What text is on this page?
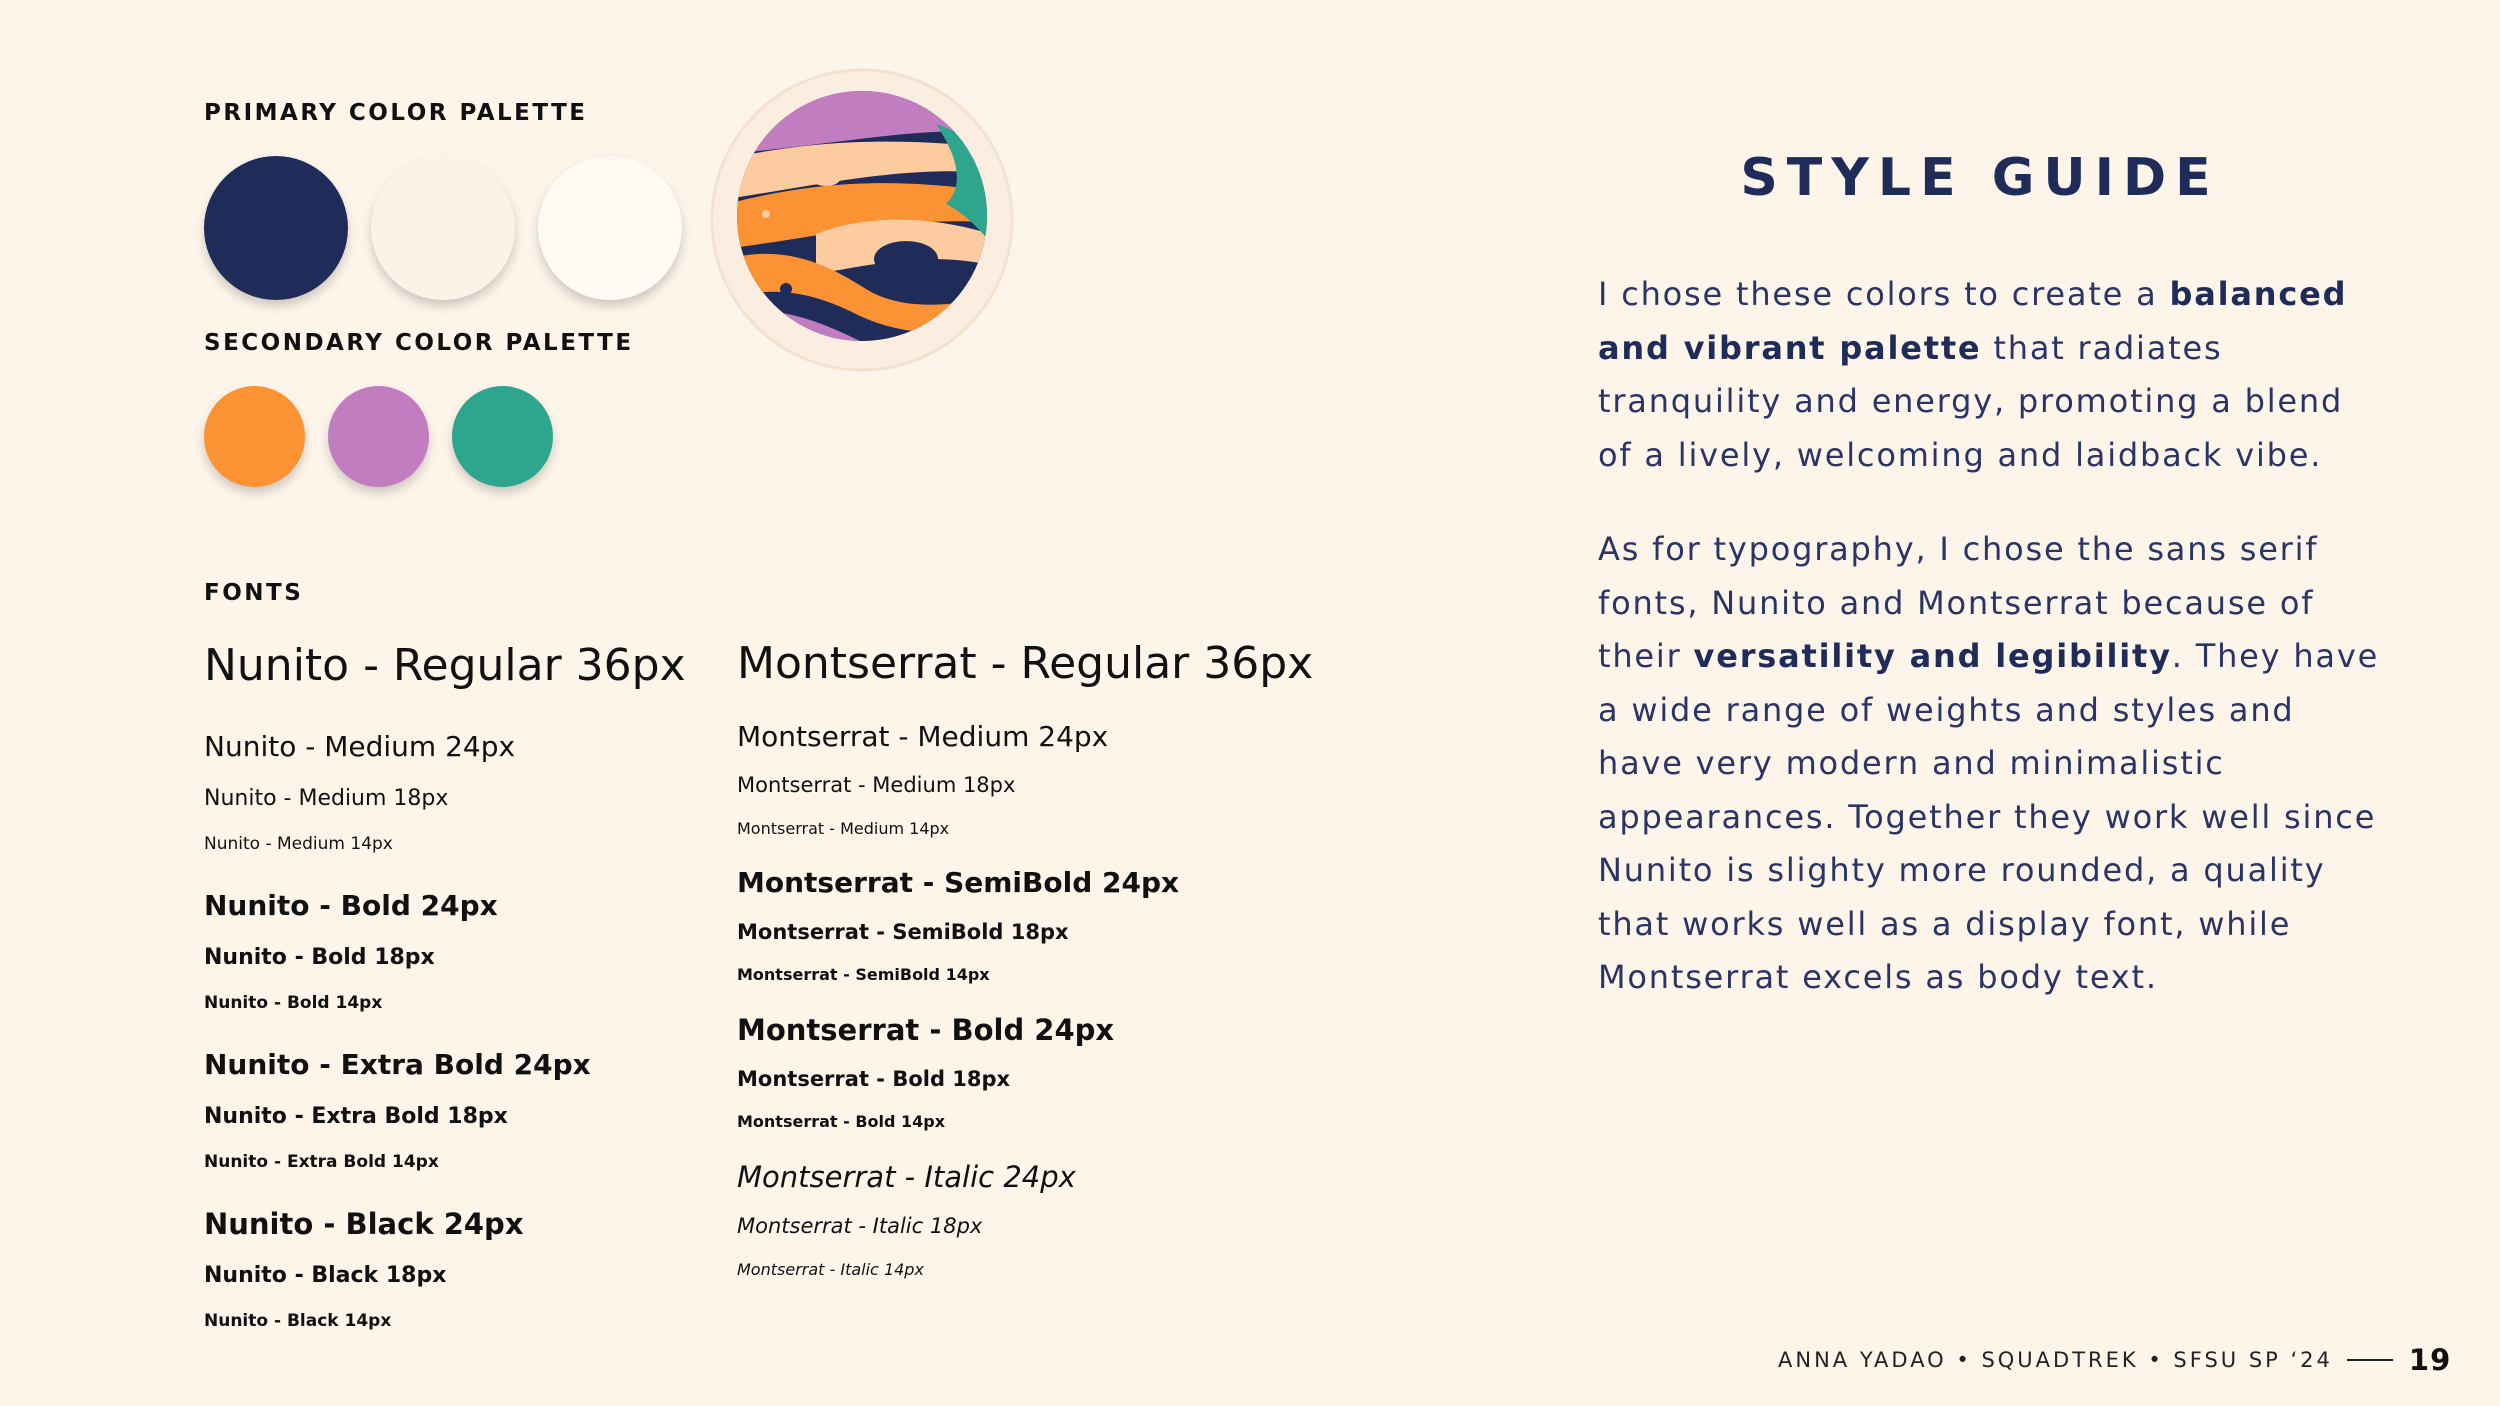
PRIMARY COLOR PALETTE
SECONDARY COLOR PALETTE
FONTS
Nunito - Regular 36px
Nunito - Medium 24px
Nunito - Medium 18px
Nunito - Medium 14px
Nunito - Bold 24px
Nunito - Bold 18px
Nunito - Bold 14px
Nunito - Extra Bold 24px
Nunito - Extra Bold 18px
Nunito - Extra Bold 14px
Nunito - Black 24px
Nunito - Black 18px
Nunito - Black 14px
Montserrat - Regular 36px
Montserrat - Medium 24px
Montserrat - Medium 18px
Montserrat - Medium 14px
Montserrat - SemiBold 24px
Montserrat - SemiBold 18px
Montserrat - SemiBold 14px
Montserrat - Bold 24px
Montserrat - Bold 18px
Montserrat - Bold 14px
Montserrat - Italic 24px
Montserrat - Italic 18px
Montserrat - Italic 14px
STYLE GUIDE

I chose these colors to create a balanced and vibrant palette that radiates tranquility and energy, promoting a blend of a lively, welcoming and laidback vibe.

As for typography, I chose the sans serif fonts, Nunito and Montserrat because of their versatility and legibility. They have a wide range of weights and styles and have very modern and minimalistic appearances. Together they work well since Nunito is slighty more rounded, a quality that works well as a display font, while Montserrat excels as body text.

ANNA YADAO • SQUADTREK • SFSU SP ‘24	19
